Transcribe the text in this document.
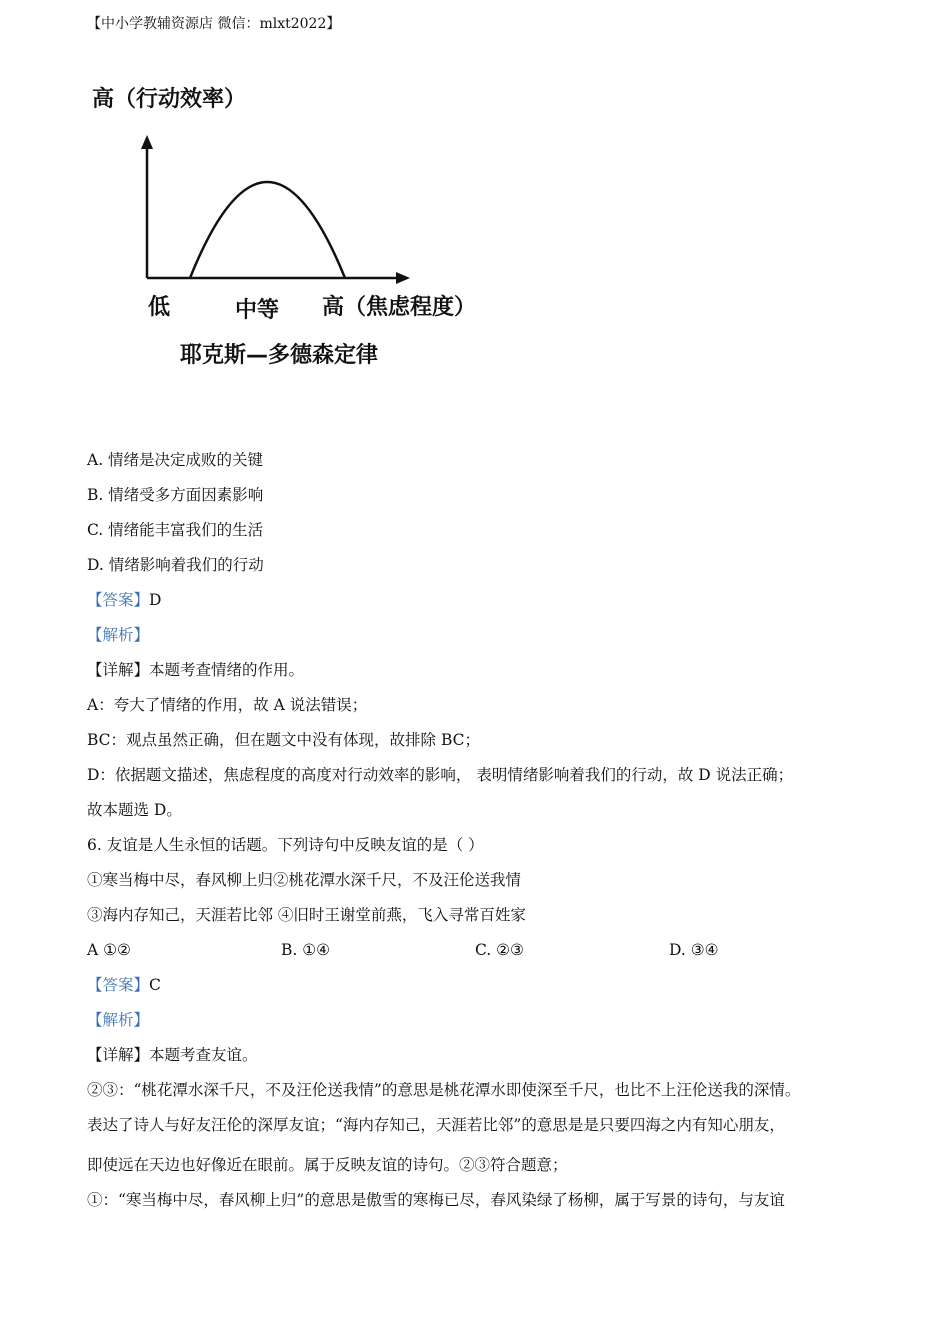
【中小学教辅资源店 微信：mlxt2022】
高（行动效率）
低	中等 高（焦虑程度）
耶克斯—多德森定律
A. 情绪是决定成败的关键
B. 情绪受多方面因素影响
C. 情绪能丰富我们的生活
D. 情绪影响着我们的行动
【答案】D
【解析】
【详解】本题考查情绪的作用。
A：夸大了情绪的作用，故 A 说法错误；
BC：观点虽然正确，但在题文中没有体现，故排除 BC；
D：依据题文描述，焦虑程度的高度对行动效率的影响， 表明情绪影响着我们的行动，故 D 说法正确；
故本题选 D。
6. 友谊是人生永恒的话题。下列诗句中反映友谊的是（ ）
①寒当梅中尽，春风柳上归②桃花潭水深千尺，不及汪伦送我情
③海内存知己，天涯若比邻 ④旧时王谢堂前燕，飞入寻常百姓家
A ①②	B. ①④	C. ②③	D. ③④
【答案】C
【解析】
【详解】本题考查友谊。
②③：“桃花潭水深千尺，不及汪伦送我情”的意思是桃花潭水即使深至千尺，也比不上汪伦送我的深情。
表达了诗人与好友汪伦的深厚友谊；“海内存知己，天涯若比邻”的意思是是只要四海之内有知心朋友，
即使远在天边也好像近在眼前。属于反映友谊的诗句。②③符合题意；
①：“寒当梅中尽，春风柳上归”的意思是傲雪的寒梅已尽，春风染绿了杨柳，属于写景的诗句，与友谊
